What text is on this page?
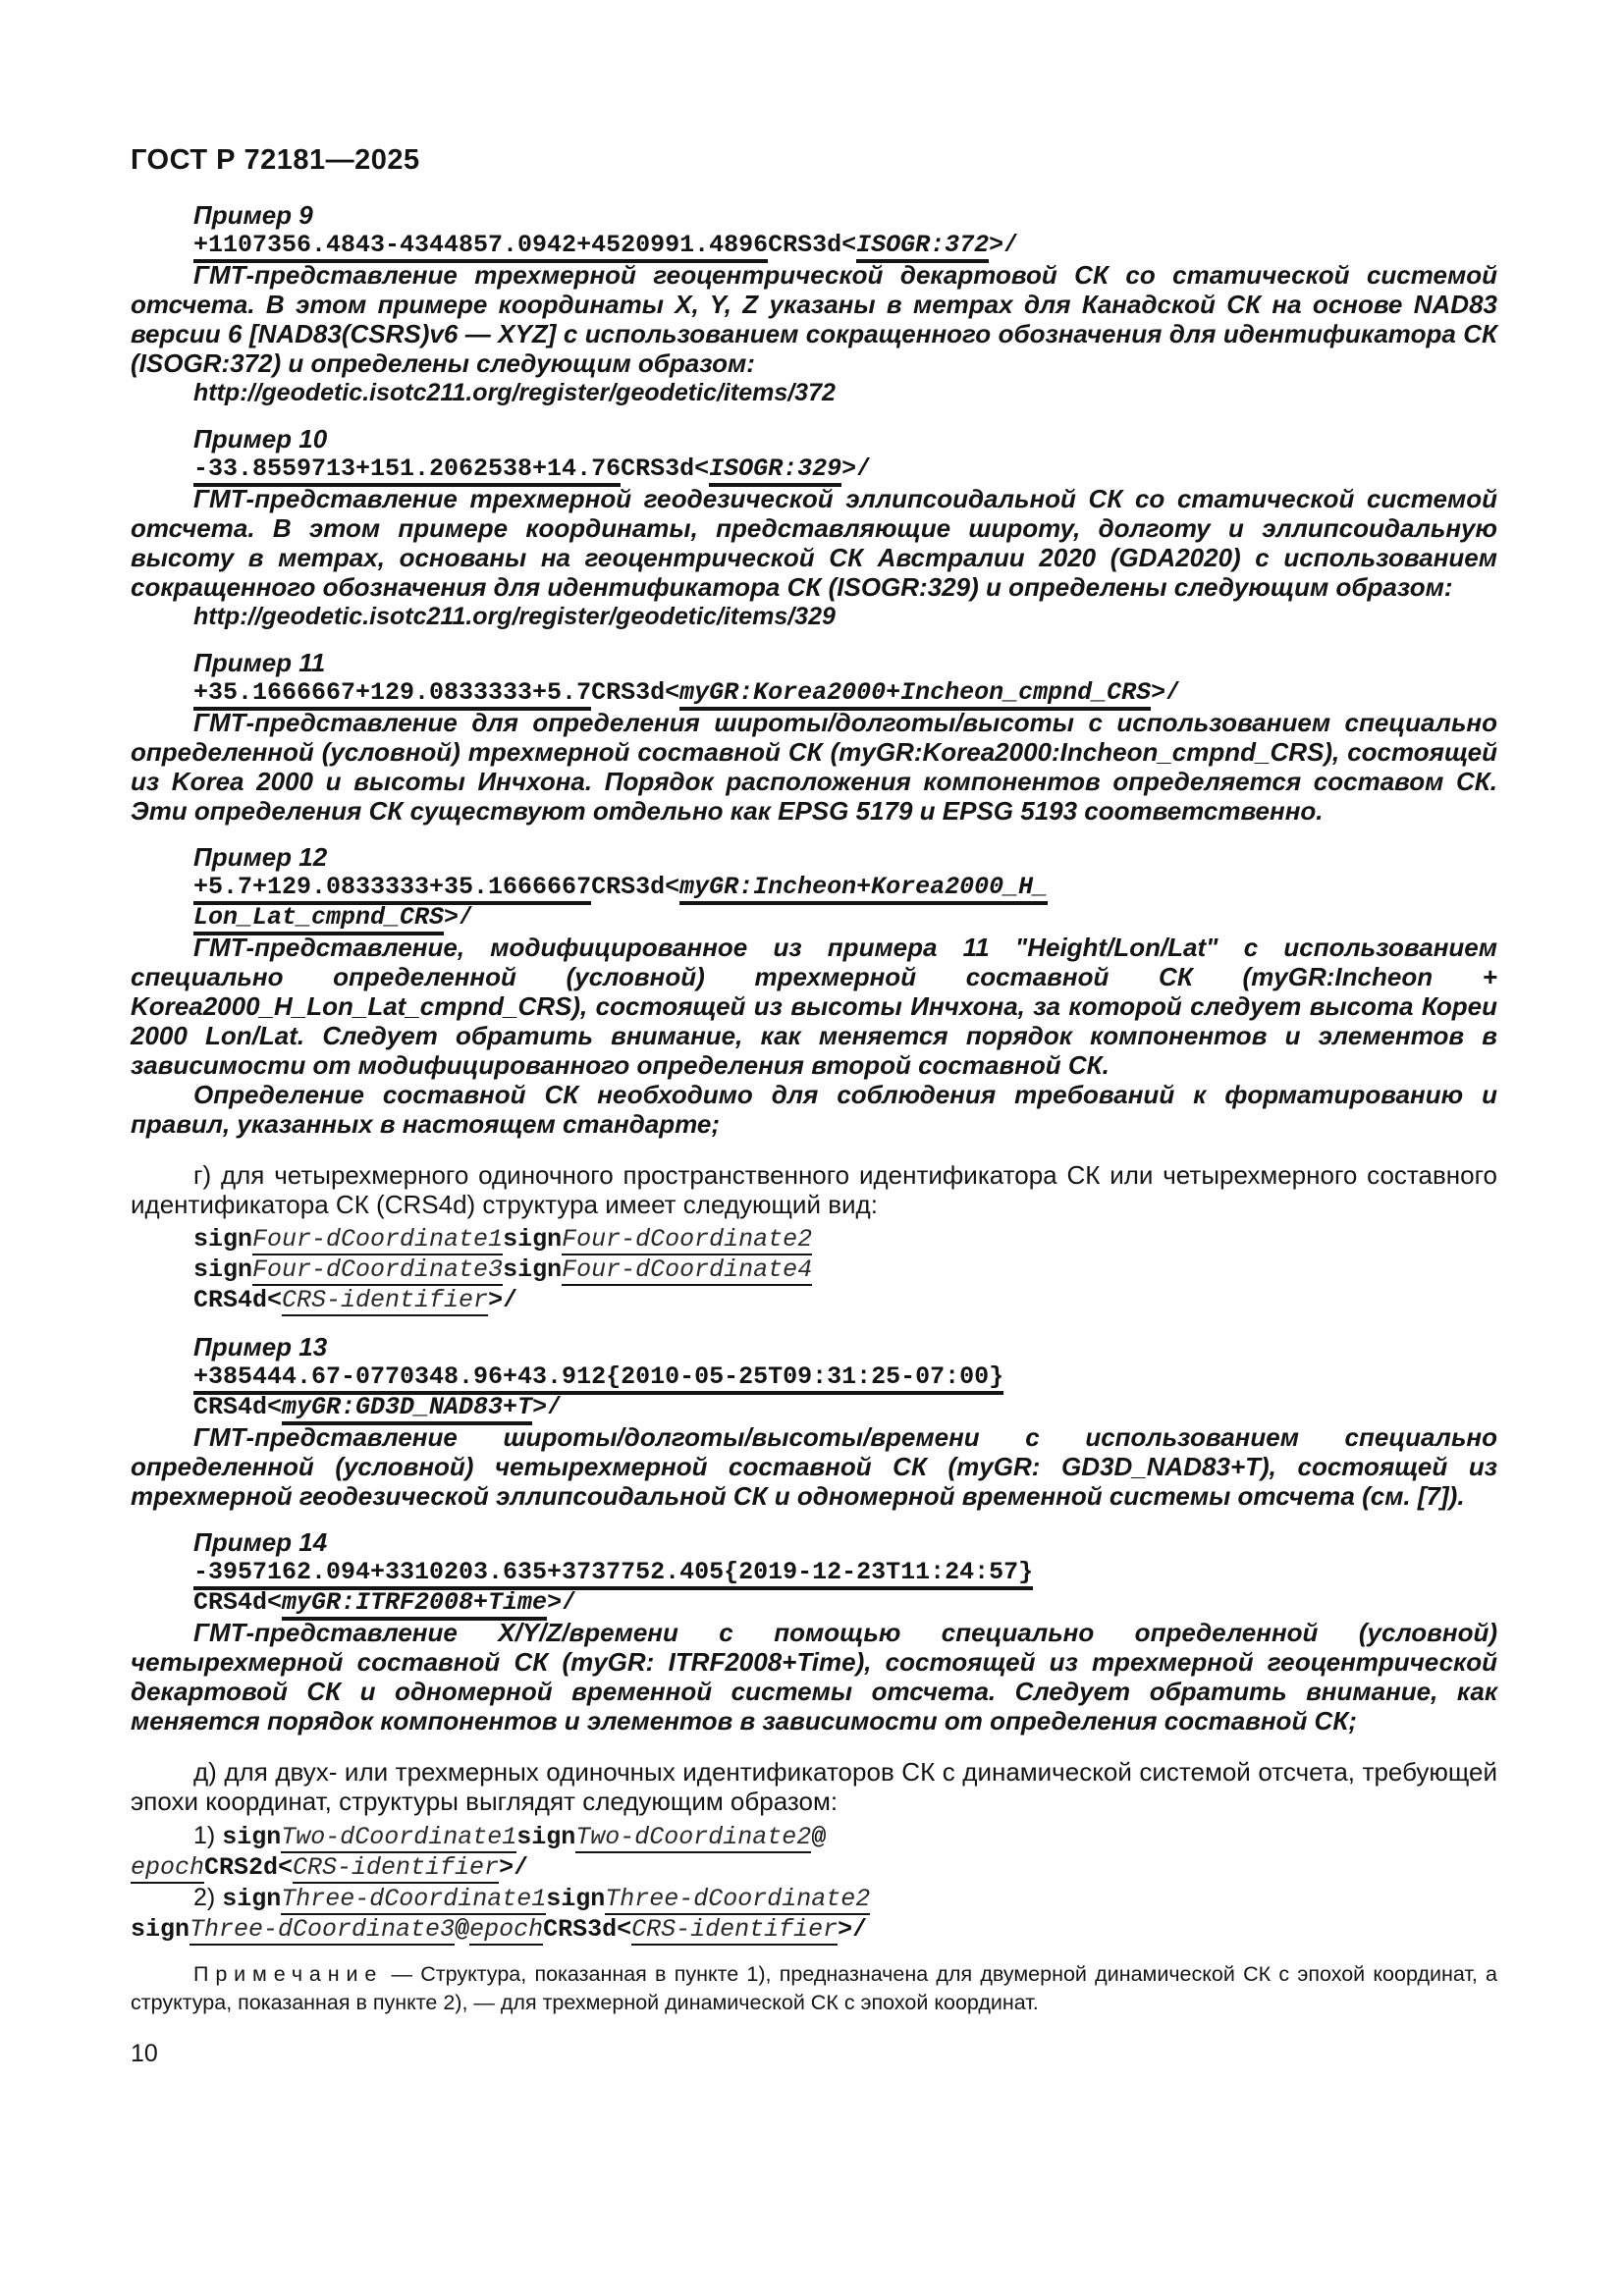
ГОСТ Р 72181—2025
Пример 9
+1107356.4843-4344857.0942+4520991.4896CRS3d<ISOGR:372>/

ГМТ-представление трехмерной геоцентрической декартовой СК со статической системой отсчета. В этом примере координаты X, Y, Z указаны в метрах для Канадской СК на основе NAD83 версии 6 [NAD83(CSRS)v6 — XYZ] с использованием сокращенного обозначения для идентификатора СК (ISOGR:372) и определены следующим образом:

http://geodetic.isotc211.org/register/geodetic/items/372
Пример 10
-33.8559713+151.2062538+14.76CRS3d<ISOGR:329>/

ГМТ-представление трехмерной геодезической эллипсоидальной СК со статической системой отсчета. В этом примере координаты, представляющие широту, долготу и эллипсоидальную высоту в метрах, основаны на геоцентрической СК Австралии 2020 (GDA2020) с использованием сокращенного обозначения для идентификатора СК (ISOGR:329) и определены следующим образом:

http://geodetic.isotc211.org/register/geodetic/items/329
Пример 11
+35.1666667+129.0833333+5.7CRS3d<myGR:Korea2000+Incheon_cmpnd_CRS>/

ГМТ-представление для определения широты/долготы/высоты с использованием специально определенной (условной) трехмерной составной СК (myGR:Korea2000:Incheon_cmpnd_CRS), состоящей из Korea 2000 и высоты Инчхона. Порядок расположения компонентов определяется составом СК. Эти определения СК существуют отдельно как EPSG 5179 и EPSG 5193 соответственно.

Пример 12
+5.7+129.0833333+35.1666667CRS3d<myGR:Incheon+Korea2000_H_
Lon_Lat_cmpnd_CRS>/

ГМТ-представление, модифицированное из примера 11 "Height/Lon/Lat" с использованием специально определенной (условной) трехмерной составной СК (myGR:Incheon + Korea2000_H_Lon_Lat_cmpnd_CRS), состоящей из высоты Инчхона, за которой следует высота Кореи 2000 Lon/Lat. Следует обратить внимание, как меняется порядок компонентов и элементов в зависимости от модифицированного определения второй составной СК.

Определение составной СК необходимо для соблюдения требований к форматированию и правил, указанных в настоящем стандарте;

г) для четырехмерного одиночного пространственного идентификатора СК или четырехмерного составного идентификатора СК (CRS4d) структура имеет следующий вид:
signFour-dCoordinate1signFour-dCoordinate2
signFour-dCoordinate3signFour-dCoordinate4
CRS4d<CRS-identifier>/
Пример 13
+385444.67-0770348.96+43.912{2010-05-25T09:31:25-07:00}
CRS4d<myGR:GD3D_NAD83+T>/

ГМТ-представление широты/долготы/высоты/времени с использованием специально определенной (условной) четырехмерной составной СК (myGR: GD3D_NAD83+T), состоящей из трехмерной геодезической эллипсоидальной СК и одномерной временной системы отсчета (см. [7]).

Пример 14
-3957162.094+3310203.635+3737752.405{2019-12-23T11:24:57}
CRS4d<myGR:ITRF2008+Time>/

ГМТ-представление X/Y/Z/времени с помощью специально определенной (условной) четырехмерной составной СК (myGR: ITRF2008+Time), состоящей из трехмерной геоцентрической декартовой СК и одномерной временной системы отсчета. Следует обратить внимание, как меняется порядок компонентов и элементов в зависимости от определения составной СК;

д) для двух- или трехмерных одиночных идентификаторов СК с динамической системой отсчета, требующей эпохи координат, структуры выглядят следующим образом:
1) signTwo-dCoordinate1signTwo-dCoordinate2@
epochCRS2d<CRS-identifier>/
2) signThree-dCoordinate1signThree-dCoordinate2
signThree-dCoordinate3@epochCRS3d<CRS-identifier>/
Примечание — Структура, показанная в пункте 1), предназначена для двумерной динамической СК с эпохой координат, а структура, показанная в пункте 2), — для трехмерной динамической СК с эпохой координат.
10
